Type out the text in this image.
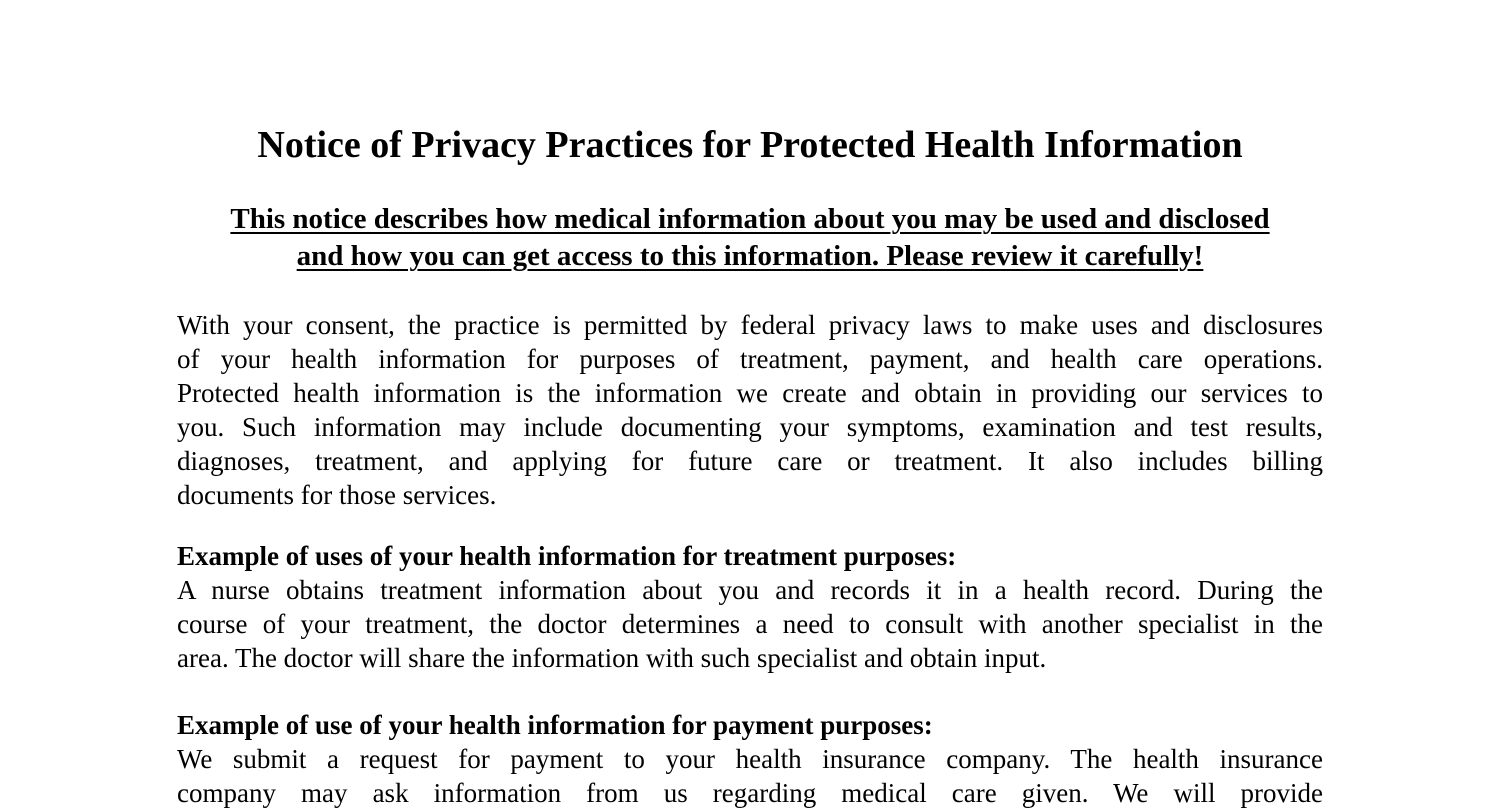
Notice of Privacy Practices for Protected Health Information
This notice describes how medical information about you may be used and disclosed
and how you can get access to this information. Please review it carefully!
With your consent, the practice is permitted by federal privacy laws to make uses and disclosures
of your health information for purposes of treatment, payment, and health care operations.
Protected health information is the information we create and obtain in providing our services to
you. Such information may include documenting your symptoms, examination and test results,
diagnoses, treatment, and applying for future care or treatment. It also includes billing
documents for those services.
Example of uses of your health information for treatment purposes:
A nurse obtains treatment information about you and records it in a health record. During the
course of your treatment, the doctor determines a need to consult with another specialist in the
area. The doctor will share the information with such specialist and obtain input.
Example of use of your health information for payment purposes:
We submit a request for payment to your health insurance company. The health insurance
company may ask information from us regarding medical care given. We will provide
